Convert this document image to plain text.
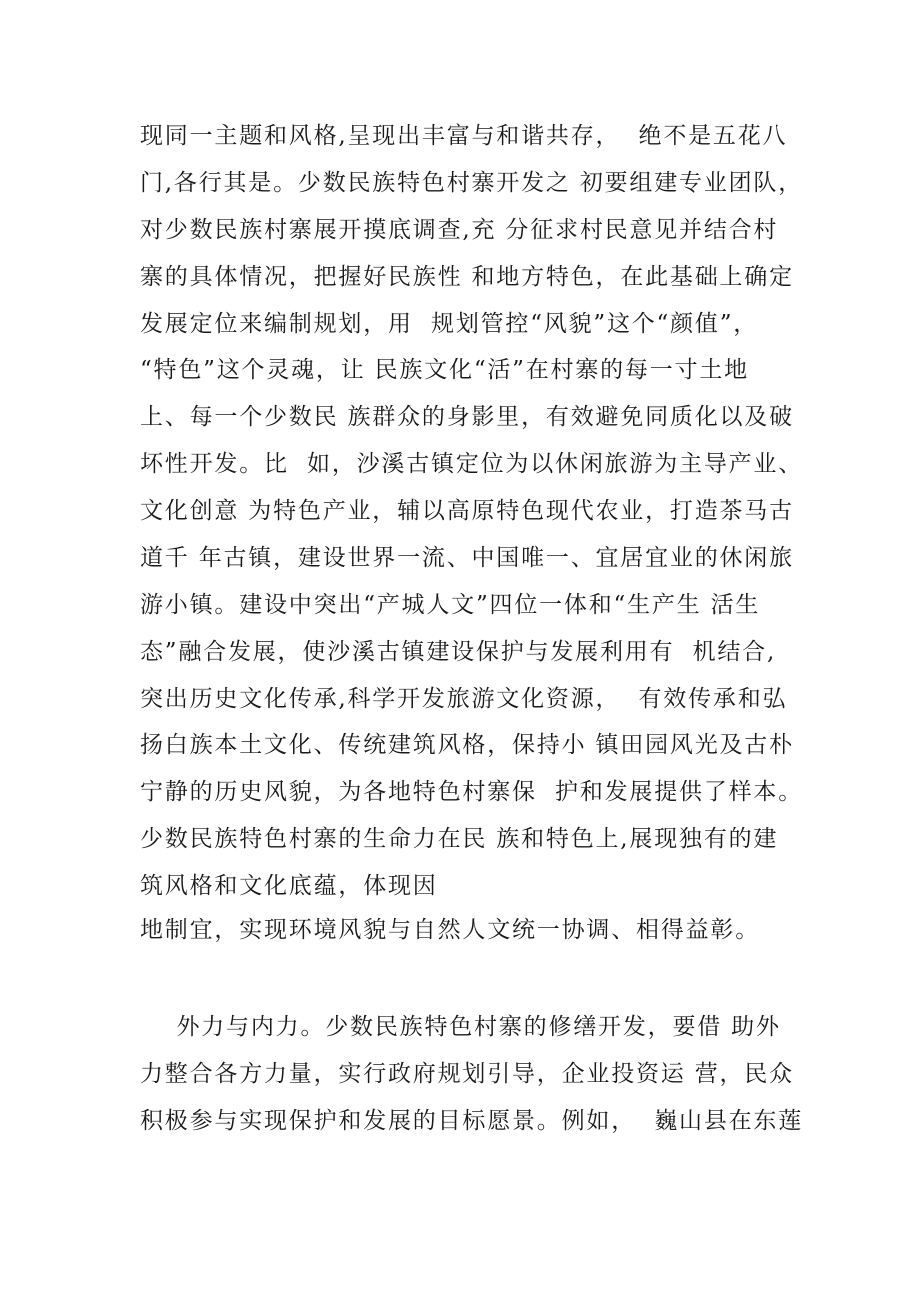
现同一主题和风格,呈现出丰富与和谐共存，  绝不是五花八
门,各行其是。少数民族特色村寨开发之 初要组建专业团队，
对少数民族村寨展开摸底调查,充 分征求村民意见并结合村
寨的具体情况，把握好民族性 和地方特色，在此基础上确定
发展定位来编制规划，用  规划管控“风貌”这个“颜值”，
“特色”这个灵魂，让 民族文化“活”在村寨的每一寸土地
上、每一个少数民 族群众的身影里，有效避免同质化以及破
坏性开发。比  如，沙溪古镇定位为以休闲旅游为主导产业、
文化创意 为特色产业，辅以高原特色现代农业，打造茶马古
道千 年古镇，建设世界一流、中国唯一、宜居宜业的休闲旅
游小镇。建设中突出“产城人文”四位一体和“生产生 活生
态”融合发展，使沙溪古镇建设保护与发展利用有  机结合,
突出历史文化传承,科学开发旅游文化资源，  有效传承和弘
扬白族本土文化、传统建筑风格，保持小 镇田园风光及古朴
宁静的历史风貌，为各地特色村寨保  护和发展提供了样本。
少数民族特色村寨的生命力在民 族和特色上,展现独有的建
筑风格和文化底蕴，体现因
地制宜，实现环境风貌与自然人文统一协调、相得益彰。
外力与内力。少数民族特色村寨的修缮开发，要借 助外
力整合各方力量，实行政府规划引导，企业投资运 营，民众
积极参与实现保护和发展的目标愿景。例如，  巍山县在东莲
